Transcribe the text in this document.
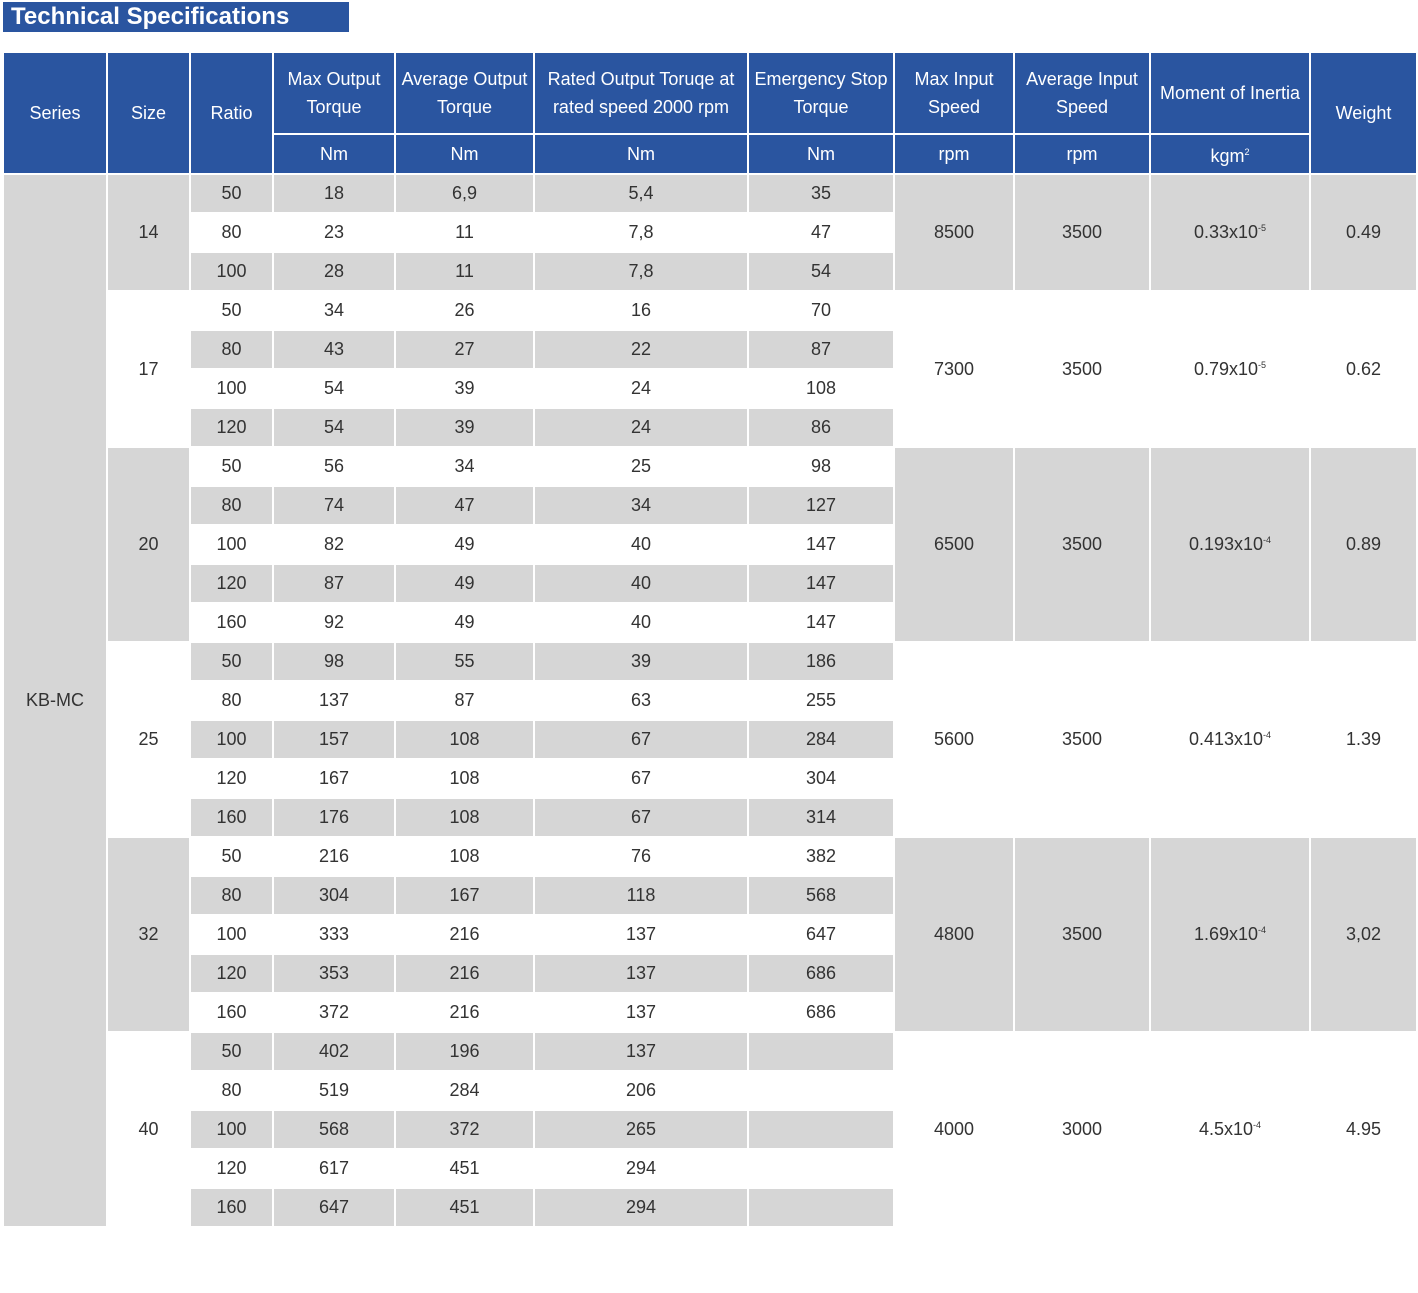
Technical Specifications
Series	Size	Ratio	Max Output Torque	Average Output Torque	Rated Output Toruqe at rated speed 2000 rpm	Emergency Stop Torque	Max Input Speed	Average Input Speed	Moment of Inertia	Weight

			Nm	Nm	Nm	Nm	rpm	rpm	kgm$^2$
KB-MC	14	50	18	6,9	5,4	35	8500	3500	$0.33x10^{-5}$	0.49
		80	23	11	7,8	47				
		100	28	11	7,8	54				
	17	50	34	26	16	70	7300	3500	$0.79x10^{-5}$	0.62
		80	43	27	22	87				
		100	54	39	24	108				
		120	54	39	24	86				
	20	50	56	34	25	98	6500	3500	$0.193x10^{-4}$	0.89
		80	74	47	34	127				
		100	82	49	40	147				
		120	87	49	40	147				
		160	92	49	40	147				
	25	50	98	55	39	186	5600	3500	$0.413x10^{-4}$	1.39
		80	137	87	63	255				
		100	157	108	67	284				
		120	167	108	67	304				
		160	176	108	67	314				
	32	50	216	108	76	382	4800	3500	$1.69x10^{-4}$	3,02
		80	304	167	118	568				
		100	333	216	137	647				
		120	353	216	137	686				
		160	372	216	137	686				
	40	50	402	196	137		4000	3000	$4.5x10^{-4}$	4.95
		80	519	284	206					
		100	568	372	265					
		120	617	451	294					
		160	647	451	294					
